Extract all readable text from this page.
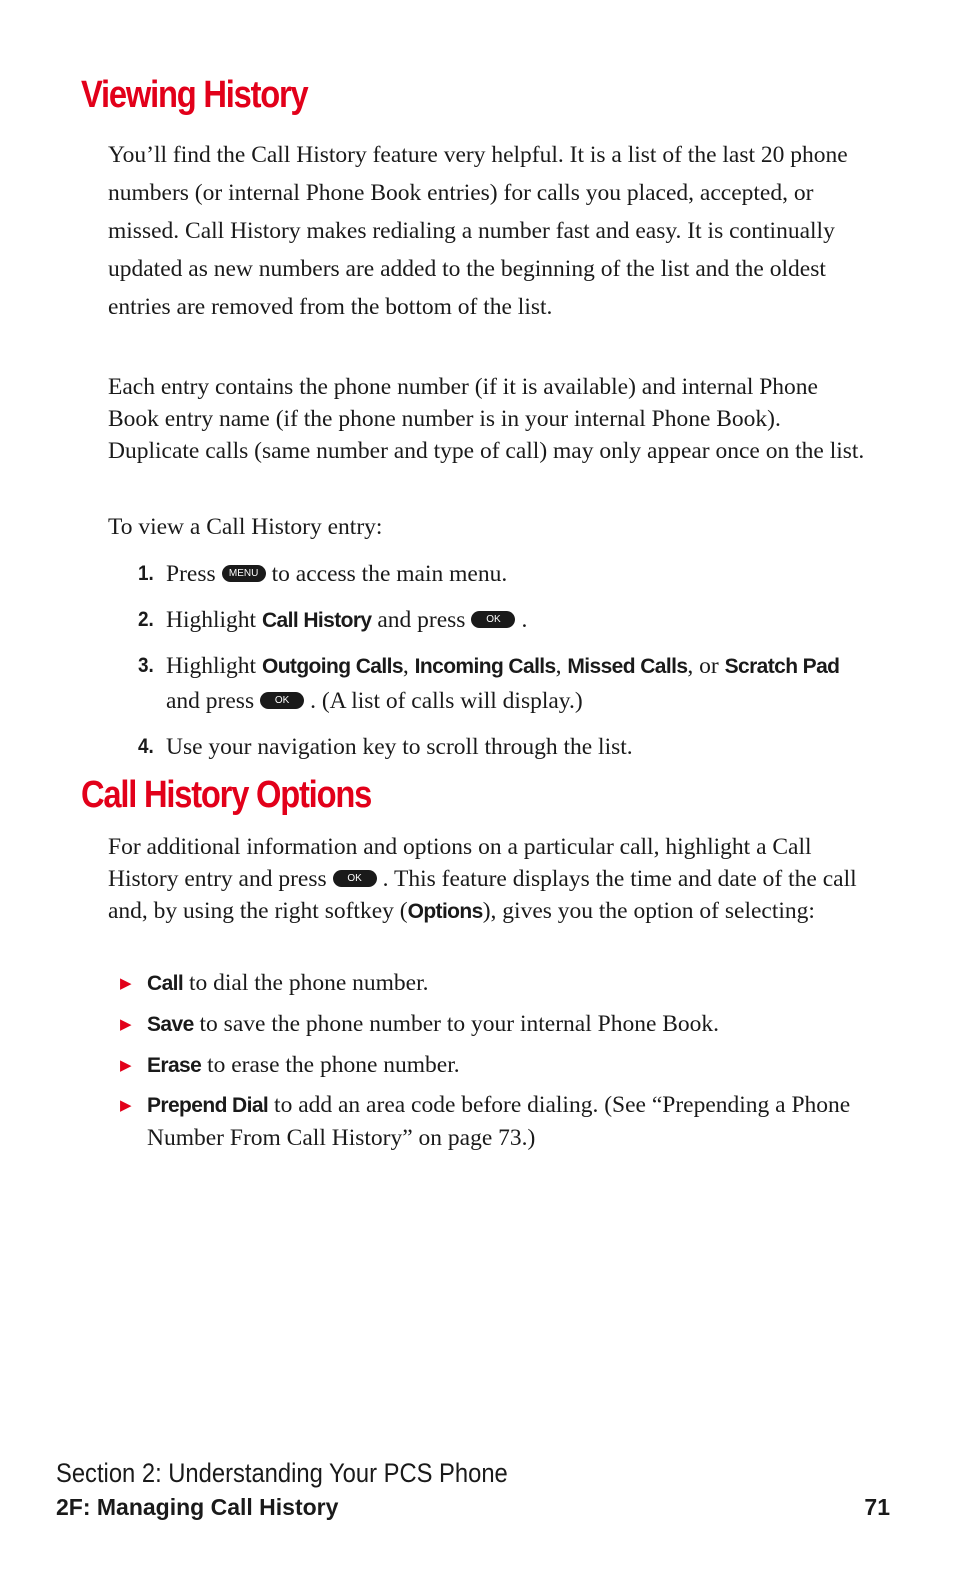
Viewing History

You’ll find the Call History feature very helpful. It is a list of the last 20 phone numbers (or internal Phone Book entries) for calls you placed, accepted, or missed. Call History makes redialing a number fast and easy. It is continually updated as new numbers are added to the beginning of the list and the oldest entries are removed from the bottom of the list.

Each entry contains the phone number (if it is available) and internal Phone Book entry name (if the phone number is in your internal Phone Book). Duplicate calls (same number and type of call) may only appear once on the list.

To view a Call History entry:

1. Press MENU to access the main menu.
2. Highlight Call History and press OK .
3. Highlight Outgoing Calls, Incoming Calls, Missed Calls, or Scratch Pad and press OK . (A list of calls will display.)
4. Use your navigation key to scroll through the list.
Call History Options

For additional information and options on a particular call, highlight a Call History entry and press OK . This feature displays the time and date of the call and, by using the right softkey (Options), gives you the option of selecting:

▶ Call to dial the phone number.
▶ Save to save the phone number to your internal Phone Book.
▶ Erase to erase the phone number.
▶ Prepend Dial to add an area code before dialing. (See “Prepending a Phone Number From Call History” on page 73.)
Section 2: Understanding Your PCS Phone
2F: Managing Call History	71
